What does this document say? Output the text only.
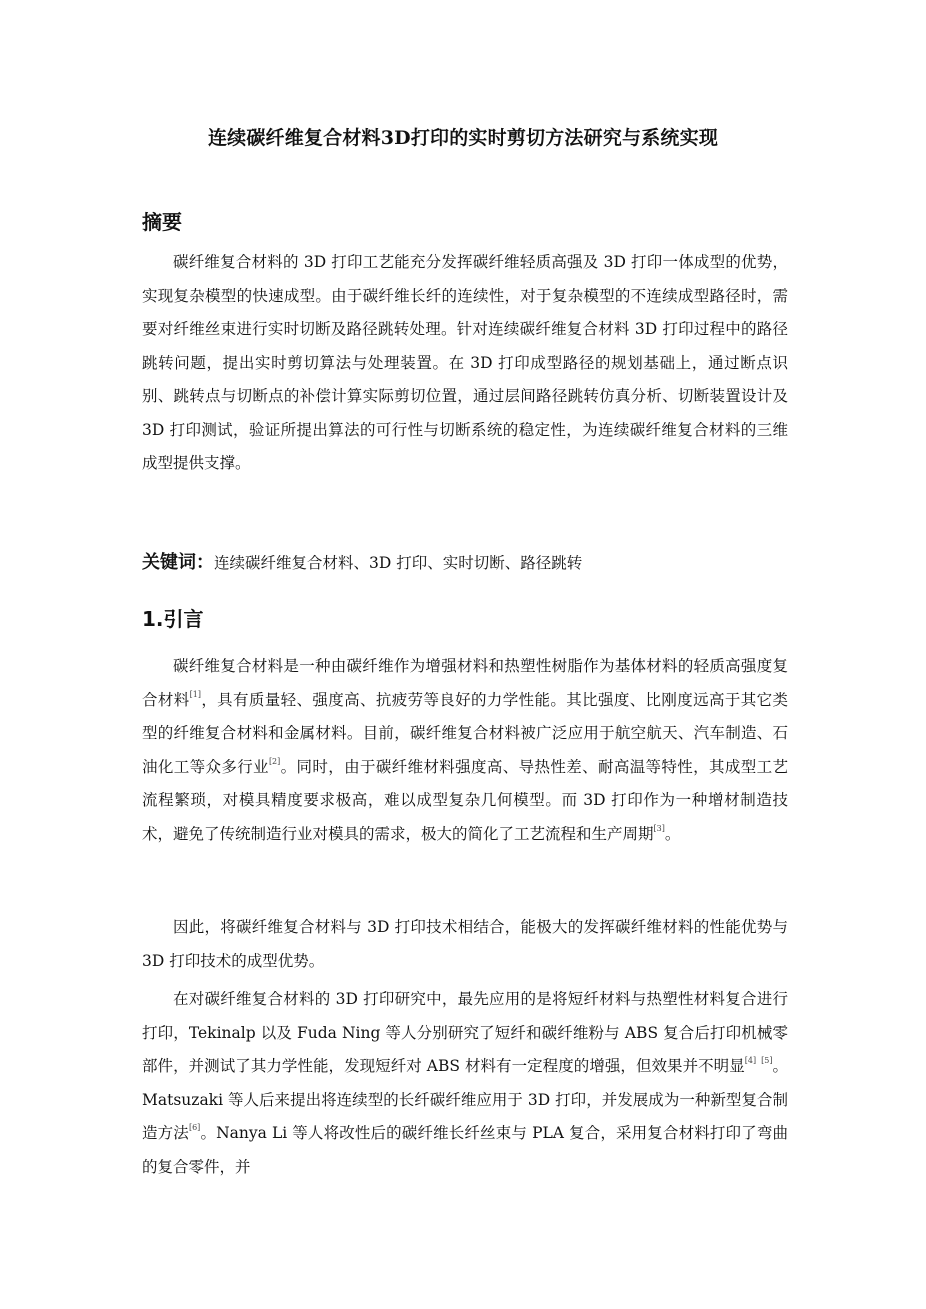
连续碳纤维复合材料3D打印的实时剪切方法研究与系统实现
摘要

碳纤维复合材料的 3D 打印工艺能充分发挥碳纤维轻质高强及 3D 打印一体成型的优势，实现复杂模型的快速成型。由于碳纤维长纤的连续性，对于复杂模型的不连续成型路径时，需要对纤维丝束进行实时切断及路径跳转处理。针对连续碳纤维复合材料 3D 打印过程中的路径跳转问题，提出实时剪切算法与处理装置。在 3D 打印成型路径的规划基础上，通过断点识别、跳转点与切断点的补偿计算实际剪切位置，通过层间路径跳转仿真分析、切断装置设计及 3D 打印测试，验证所提出算法的可行性与切断系统的稳定性，为连续碳纤维复合材料的三维成型提供支撑。

关键词：连续碳纤维复合材料、3D 打印、实时切断、路径跳转
1.引言

碳纤维复合材料是一种由碳纤维作为增强材料和热塑性树脂作为基体材料的轻质高强度复合材料[1]，具有质量轻、强度高、抗疲劳等良好的力学性能。其比强度、比刚度远高于其它类型的纤维复合材料和金属材料。目前，碳纤维复合材料被广泛应用于航空航天、汽车制造、石油化工等众多行业[2]。同时，由于碳纤维材料强度高、导热性差、耐高温等特性，其成型工艺流程繁琐，对模具精度要求极高，难以成型复杂几何模型。而 3D 打印作为一种增材制造技术，避免了传统制造行业对模具的需求，极大的简化了工艺流程和生产周期[3]。

因此，将碳纤维复合材料与 3D 打印技术相结合，能极大的发挥碳纤维材料的性能优势与 3D 打印技术的成型优势。

在对碳纤维复合材料的 3D 打印研究中，最先应用的是将短纤材料与热塑性材料复合进行打印，Tekinalp 以及 Fuda Ning 等人分别研究了短纤和碳纤维粉与 ABS 复合后打印机械零部件，并测试了其力学性能，发现短纤对 ABS 材料有一定程度的增强，但效果并不明显[4] [5]。Matsuzaki 等人后来提出将连续型的长纤碳纤维应用于 3D 打印，并发展成为一种新型复合制造方法[6]。Nanya Li 等人将改性后的碳纤维长纤丝束与 PLA 复合，采用复合材料打印了弯曲的复合零件，并
